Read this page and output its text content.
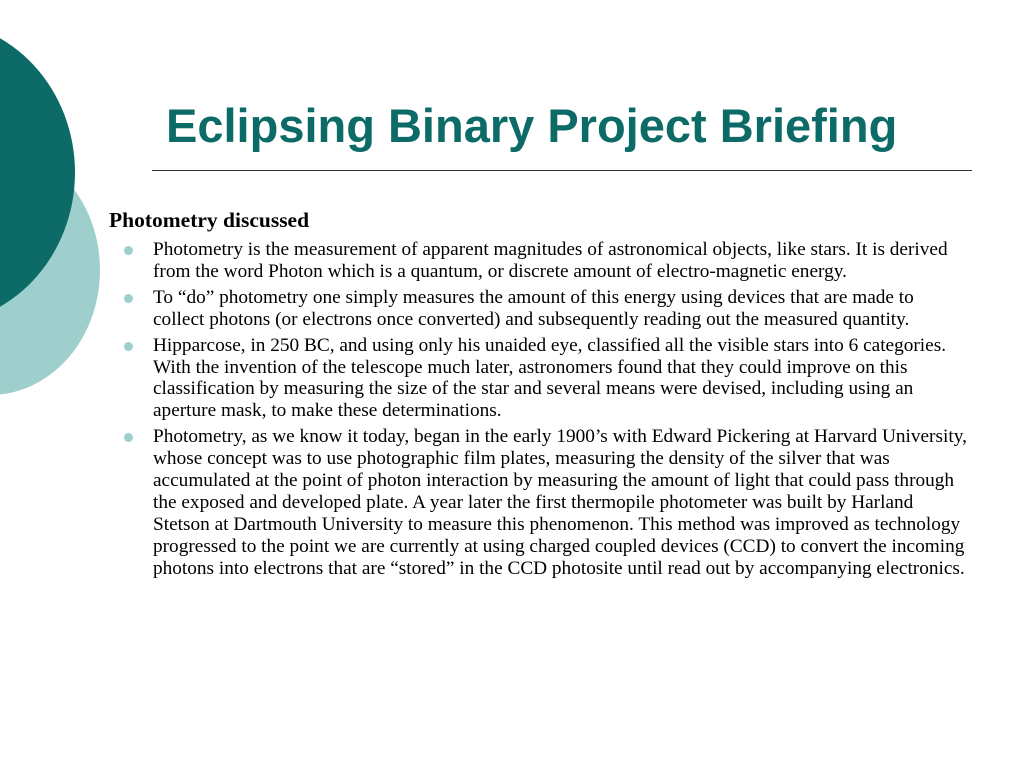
Eclipsing Binary Project Briefing
Photometry discussed
Photometry is the measurement of apparent magnitudes of astronomical objects, like stars. It is derived from the word Photon which is a quantum, or discrete amount of electro-magnetic energy.
To “do” photometry one simply measures the amount of this energy using devices that are made to collect photons (or electrons once converted) and subsequently reading out the measured quantity.
Hipparcose, in 250 BC, and using only his unaided eye, classified all the visible stars into 6 categories. With the invention of the telescope much later, astronomers found that they could improve on this classification by measuring the size of the star and several means were devised, including using an aperture mask, to make these determinations.
Photometry, as we know it today, began in the early 1900’s with Edward Pickering at Harvard University, whose concept was to use photographic film plates, measuring the density of the silver that was accumulated at the point of photon interaction by measuring the amount of light that could pass through the exposed and developed plate. A year later the first thermopile photometer was built by Harland Stetson at Dartmouth University to measure this phenomenon. This method was improved as technology progressed to the point we are currently at using charged coupled devices (CCD) to convert the incoming photons into electrons that are “stored” in the CCD photosite until read out by accompanying electronics.
